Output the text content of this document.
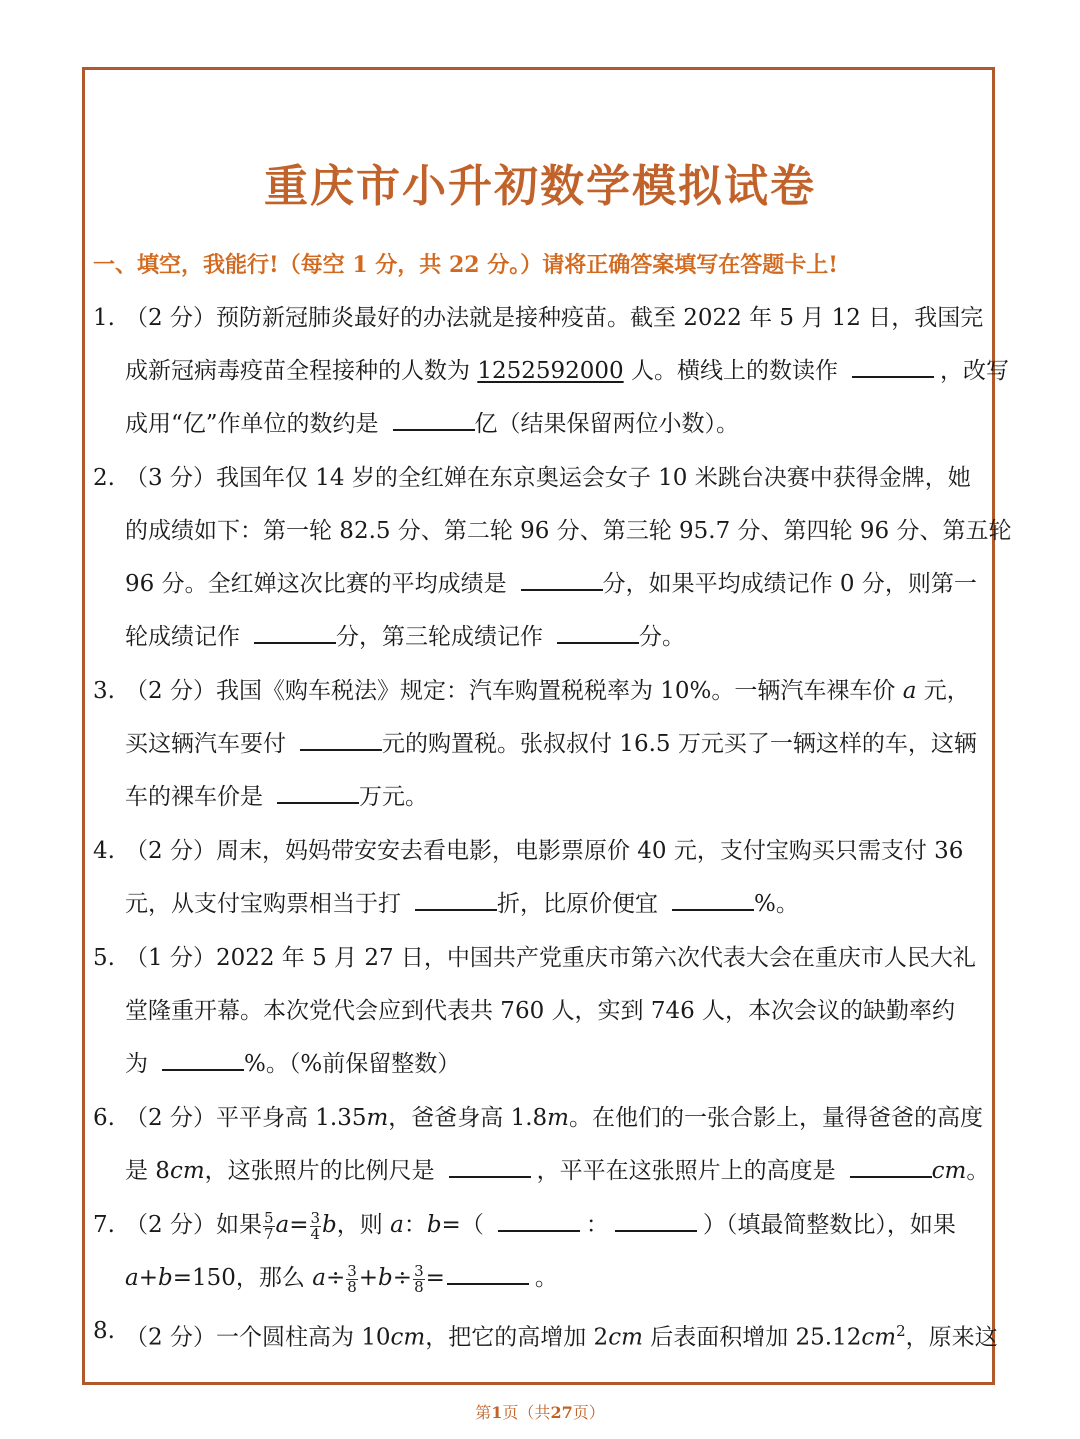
重庆市小升初数学模拟试卷
一、填空，我能行!（每空 1 分，共 22 分。）请将正确答案填写在答题卡上!
1. （2 分）预防新冠肺炎最好的办法就是接种疫苗。截至 2022 年 5 月 12 日，我国完
成新冠病毒疫苗全程接种的人数为 1252592000 人。横线上的数读作	，改写
成用“亿”作单位的数约是	亿（结果保留两位小数）。
2. （3 分）我国年仅 14 岁的全红婵在东京奥运会女子 10 米跳台决赛中获得金牌，她
的成绩如下：第一轮 82.5 分、第二轮 96 分、第三轮 95.7 分、第四轮 96 分、第五轮
96 分。全红婵这次比赛的平均成绩是	分，如果平均成绩记作 0 分，则第一
轮成绩记作	分，第三轮成绩记作	分。
3. （2 分）我国《购车税法》规定：汽车购置税税率为 10%。一辆汽车裸车价 a 元，
买这辆汽车要付	元的购置税。张叔叔付 16.5 万元买了一辆这样的车，这辆
车的裸车价是	万元。
4. （2 分）周末，妈妈带安安去看电影，电影票原价 40 元，支付宝购买只需支付 36
元，从支付宝购票相当于打	折，比原价便宜	%。
5. （1 分）2022 年 5 月 27 日，中国共产党重庆市第六次代表大会在重庆市人民大礼
堂隆重开幕。本次党代会应到代表共 760 人，实到 746 人，本次会议的缺勤率约
为	%。（%前保留整数）
6. （2 分）平平身高 1.35m，爸爸身高 1.8m。在他们的一张合影上，量得爸爸的高度
是 8cm，这张照片的比例尺是	，平平在这张照片上的高度是	cm。
7. （2 分）如果 $\frac{5}{7} a= \frac{3}{4}$ b，则 a：b=（	：	）（填最简整数比），如果
a+b=150，那么 $a\div \frac{3}{8} +b\div \frac{3}{8}$ =	。
8. （2 分）一个圆柱高为 10cm，把它的高增加 2cm 后表面积增加 $25.12cm^2$，原来这
第1页（共27页）
